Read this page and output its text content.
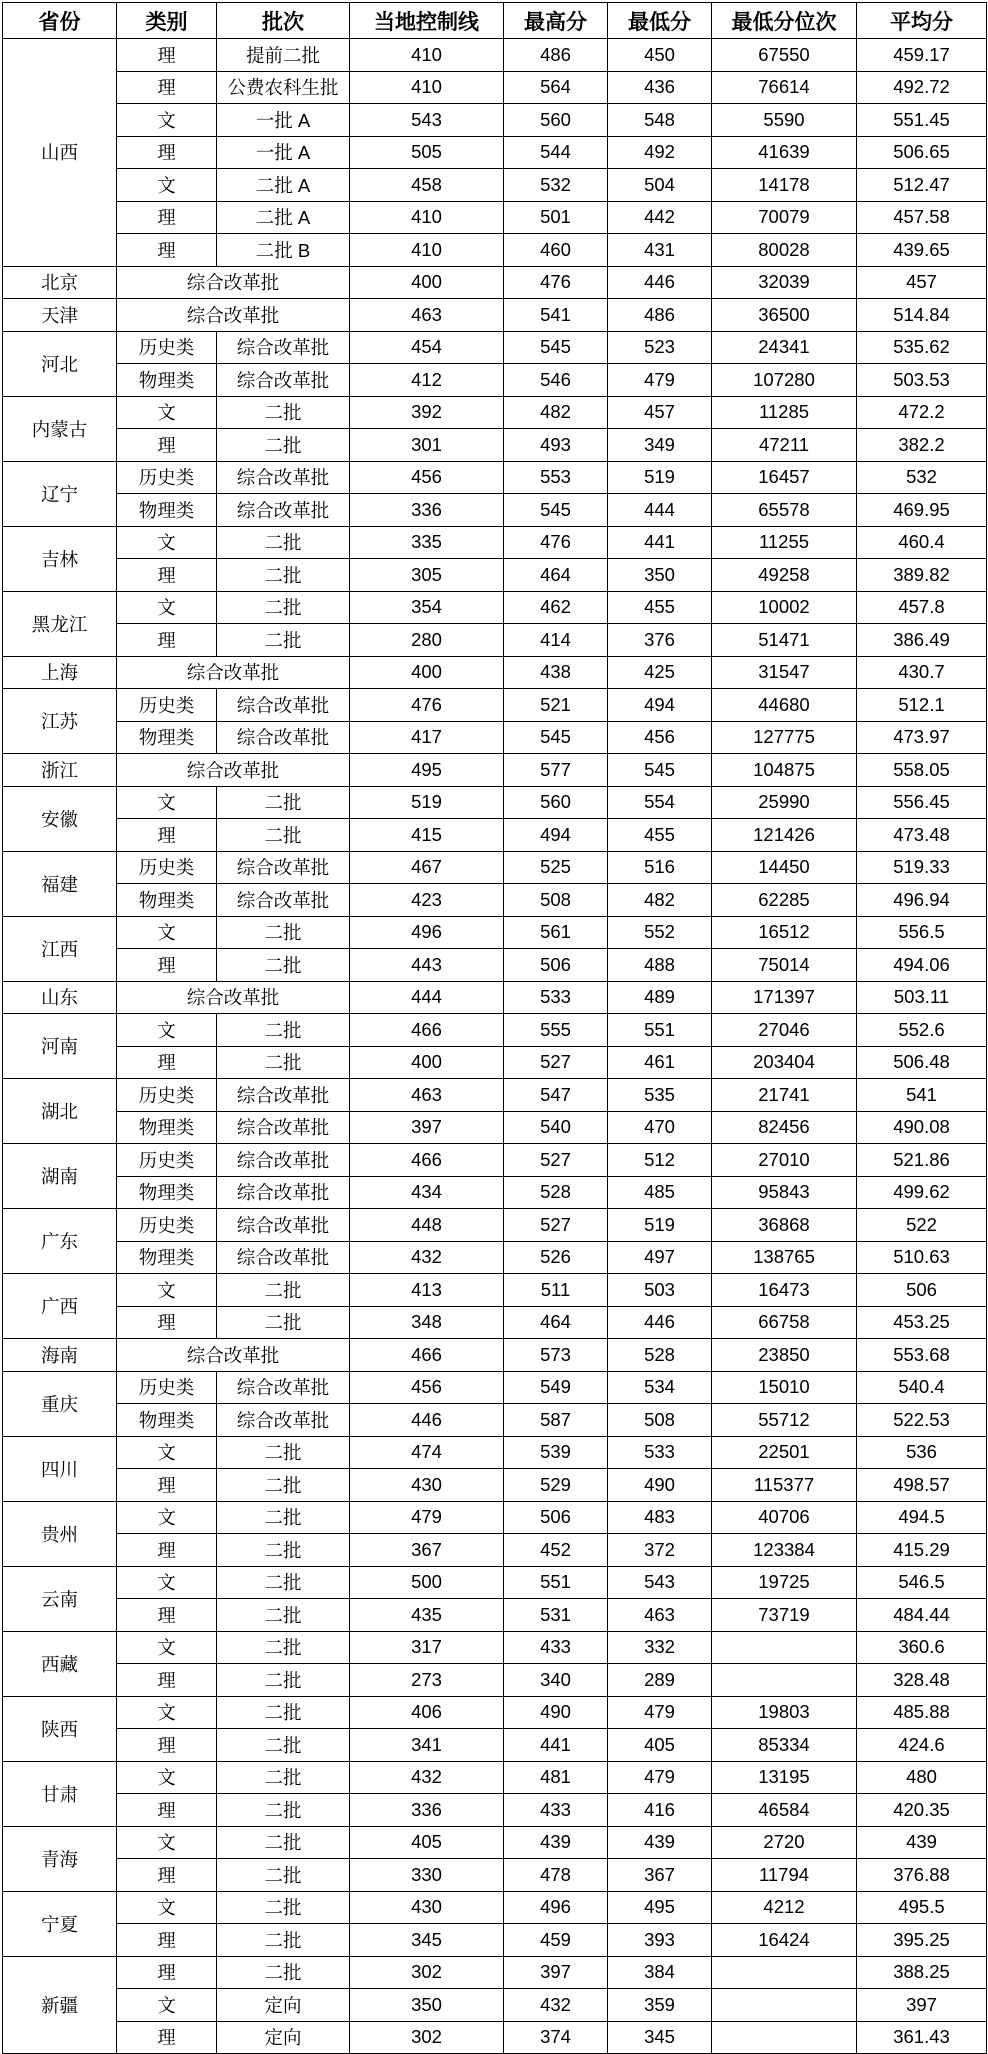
省份	类别	批次	当地控制线	最高分	最低分	最低分位次	平均分
山西	理	提前二批	410	486	450	67550	459.17
	理	公费农科生批	410	564	436	76614	492.72
	文	一批 A	543	560	548	5590	551.45
	理	一批 A	505	544	492	41639	506.65
	文	二批 A	458	532	504	14178	512.47
	理	二批 A	410	501	442	70079	457.58
	理	二批 B	410	460	431	80028	439.65
北京	综合改革批		400	476	446	32039	457
天津	综合改革批		463	541	486	36500	514.84
河北	历史类	综合改革批	454	545	523	24341	535.62
	物理类	综合改革批	412	546	479	107280	503.53
内蒙古	文	二批	392	482	457	11285	472.2
	理	二批	301	493	349	47211	382.2
辽宁	历史类	综合改革批	456	553	519	16457	532
	物理类	综合改革批	336	545	444	65578	469.95
吉林	文	二批	335	476	441	11255	460.4
	理	二批	305	464	350	49258	389.82
黑龙江	文	二批	354	462	455	10002	457.8
	理	二批	280	414	376	51471	386.49
上海	综合改革批		400	438	425	31547	430.7
江苏	历史类	综合改革批	476	521	494	44680	512.1
	物理类	综合改革批	417	545	456	127775	473.97
浙江	综合改革批		495	577	545	104875	558.05
安徽	文	二批	519	560	554	25990	556.45
	理	二批	415	494	455	121426	473.48
福建	历史类	综合改革批	467	525	516	14450	519.33
	物理类	综合改革批	423	508	482	62285	496.94
江西	文	二批	496	561	552	16512	556.5
	理	二批	443	506	488	75014	494.06
山东	综合改革批		444	533	489	171397	503.11
河南	文	二批	466	555	551	27046	552.6
	理	二批	400	527	461	203404	506.48
湖北	历史类	综合改革批	463	547	535	21741	541
	物理类	综合改革批	397	540	470	82456	490.08
湖南	历史类	综合改革批	466	527	512	27010	521.86
	物理类	综合改革批	434	528	485	95843	499.62
广东	历史类	综合改革批	448	527	519	36868	522
	物理类	综合改革批	432	526	497	138765	510.63
广西	文	二批	413	511	503	16473	506
	理	二批	348	464	446	66758	453.25
海南	综合改革批		466	573	528	23850	553.68
重庆	历史类	综合改革批	456	549	534	15010	540.4
	物理类	综合改革批	446	587	508	55712	522.53
四川	文	二批	474	539	533	22501	536
	理	二批	430	529	490	115377	498.57
贵州	文	二批	479	506	483	40706	494.5
	理	二批	367	452	372	123384	415.29
云南	文	二批	500	551	543	19725	546.5
	理	二批	435	531	463	73719	484.44
西藏	文	二批	317	433	332		360.6
	理	二批	273	340	289		328.48
陕西	文	二批	406	490	479	19803	485.88
	理	二批	341	441	405	85334	424.6
甘肃	文	二批	432	481	479	13195	480
	理	二批	336	433	416	46584	420.35
青海	文	二批	405	439	439	2720	439
	理	二批	330	478	367	11794	376.88
宁夏	文	二批	430	496	495	4212	495.5
	理	二批	345	459	393	16424	395.25
新疆	理	二批	302	397	384		388.25
	文	定向	350	432	359		397
	理	定向	302	374	345		361.43
